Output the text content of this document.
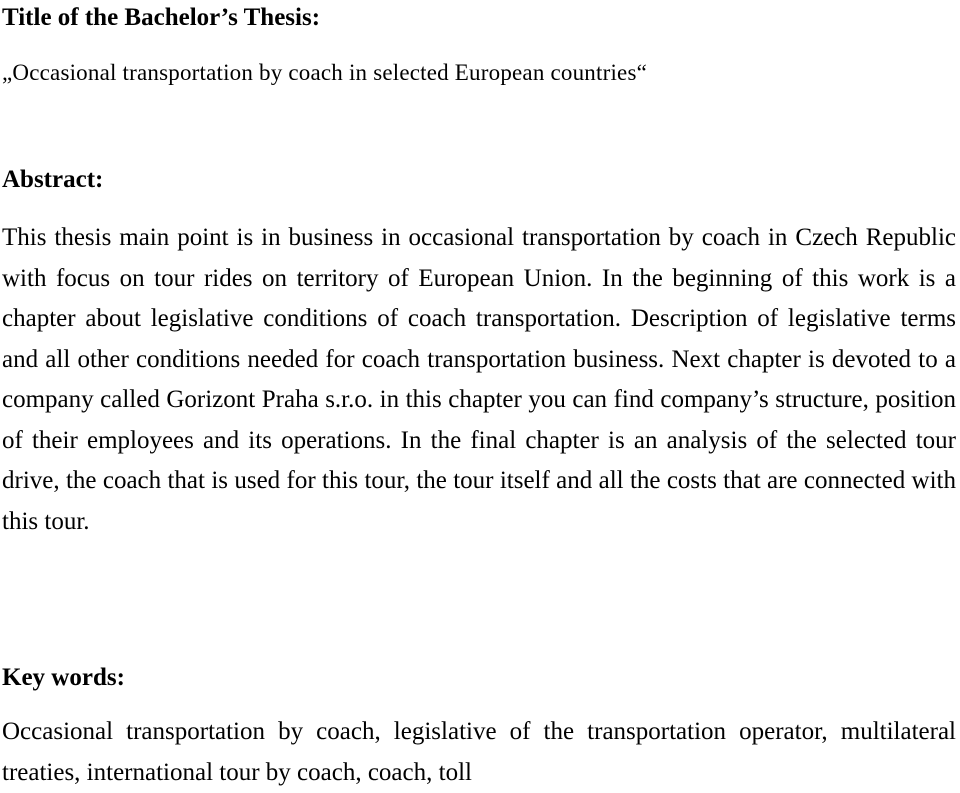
Title of the Bachelor’s Thesis:

„Occasional transportation by coach in selected European countries“

Abstract:

This thesis main point is in business in occasional transportation by coach in Czech Republic with focus on tour rides on territory of European Union. In the beginning of this work is a chapter about legislative conditions of coach transportation. Description of legislative terms and all other conditions needed for coach transportation business. Next chapter is devoted to a company called Gorizont Praha s.r.o. in this chapter you can find company’s structure, position of their employees and its operations. In the final chapter is an analysis of the selected tour drive, the coach that is used for this tour, the tour itself and all the costs that are connected with this tour.

Key words:

Occasional transportation by coach, legislative of the transportation operator, multilateral treaties, international tour by coach, coach, toll
